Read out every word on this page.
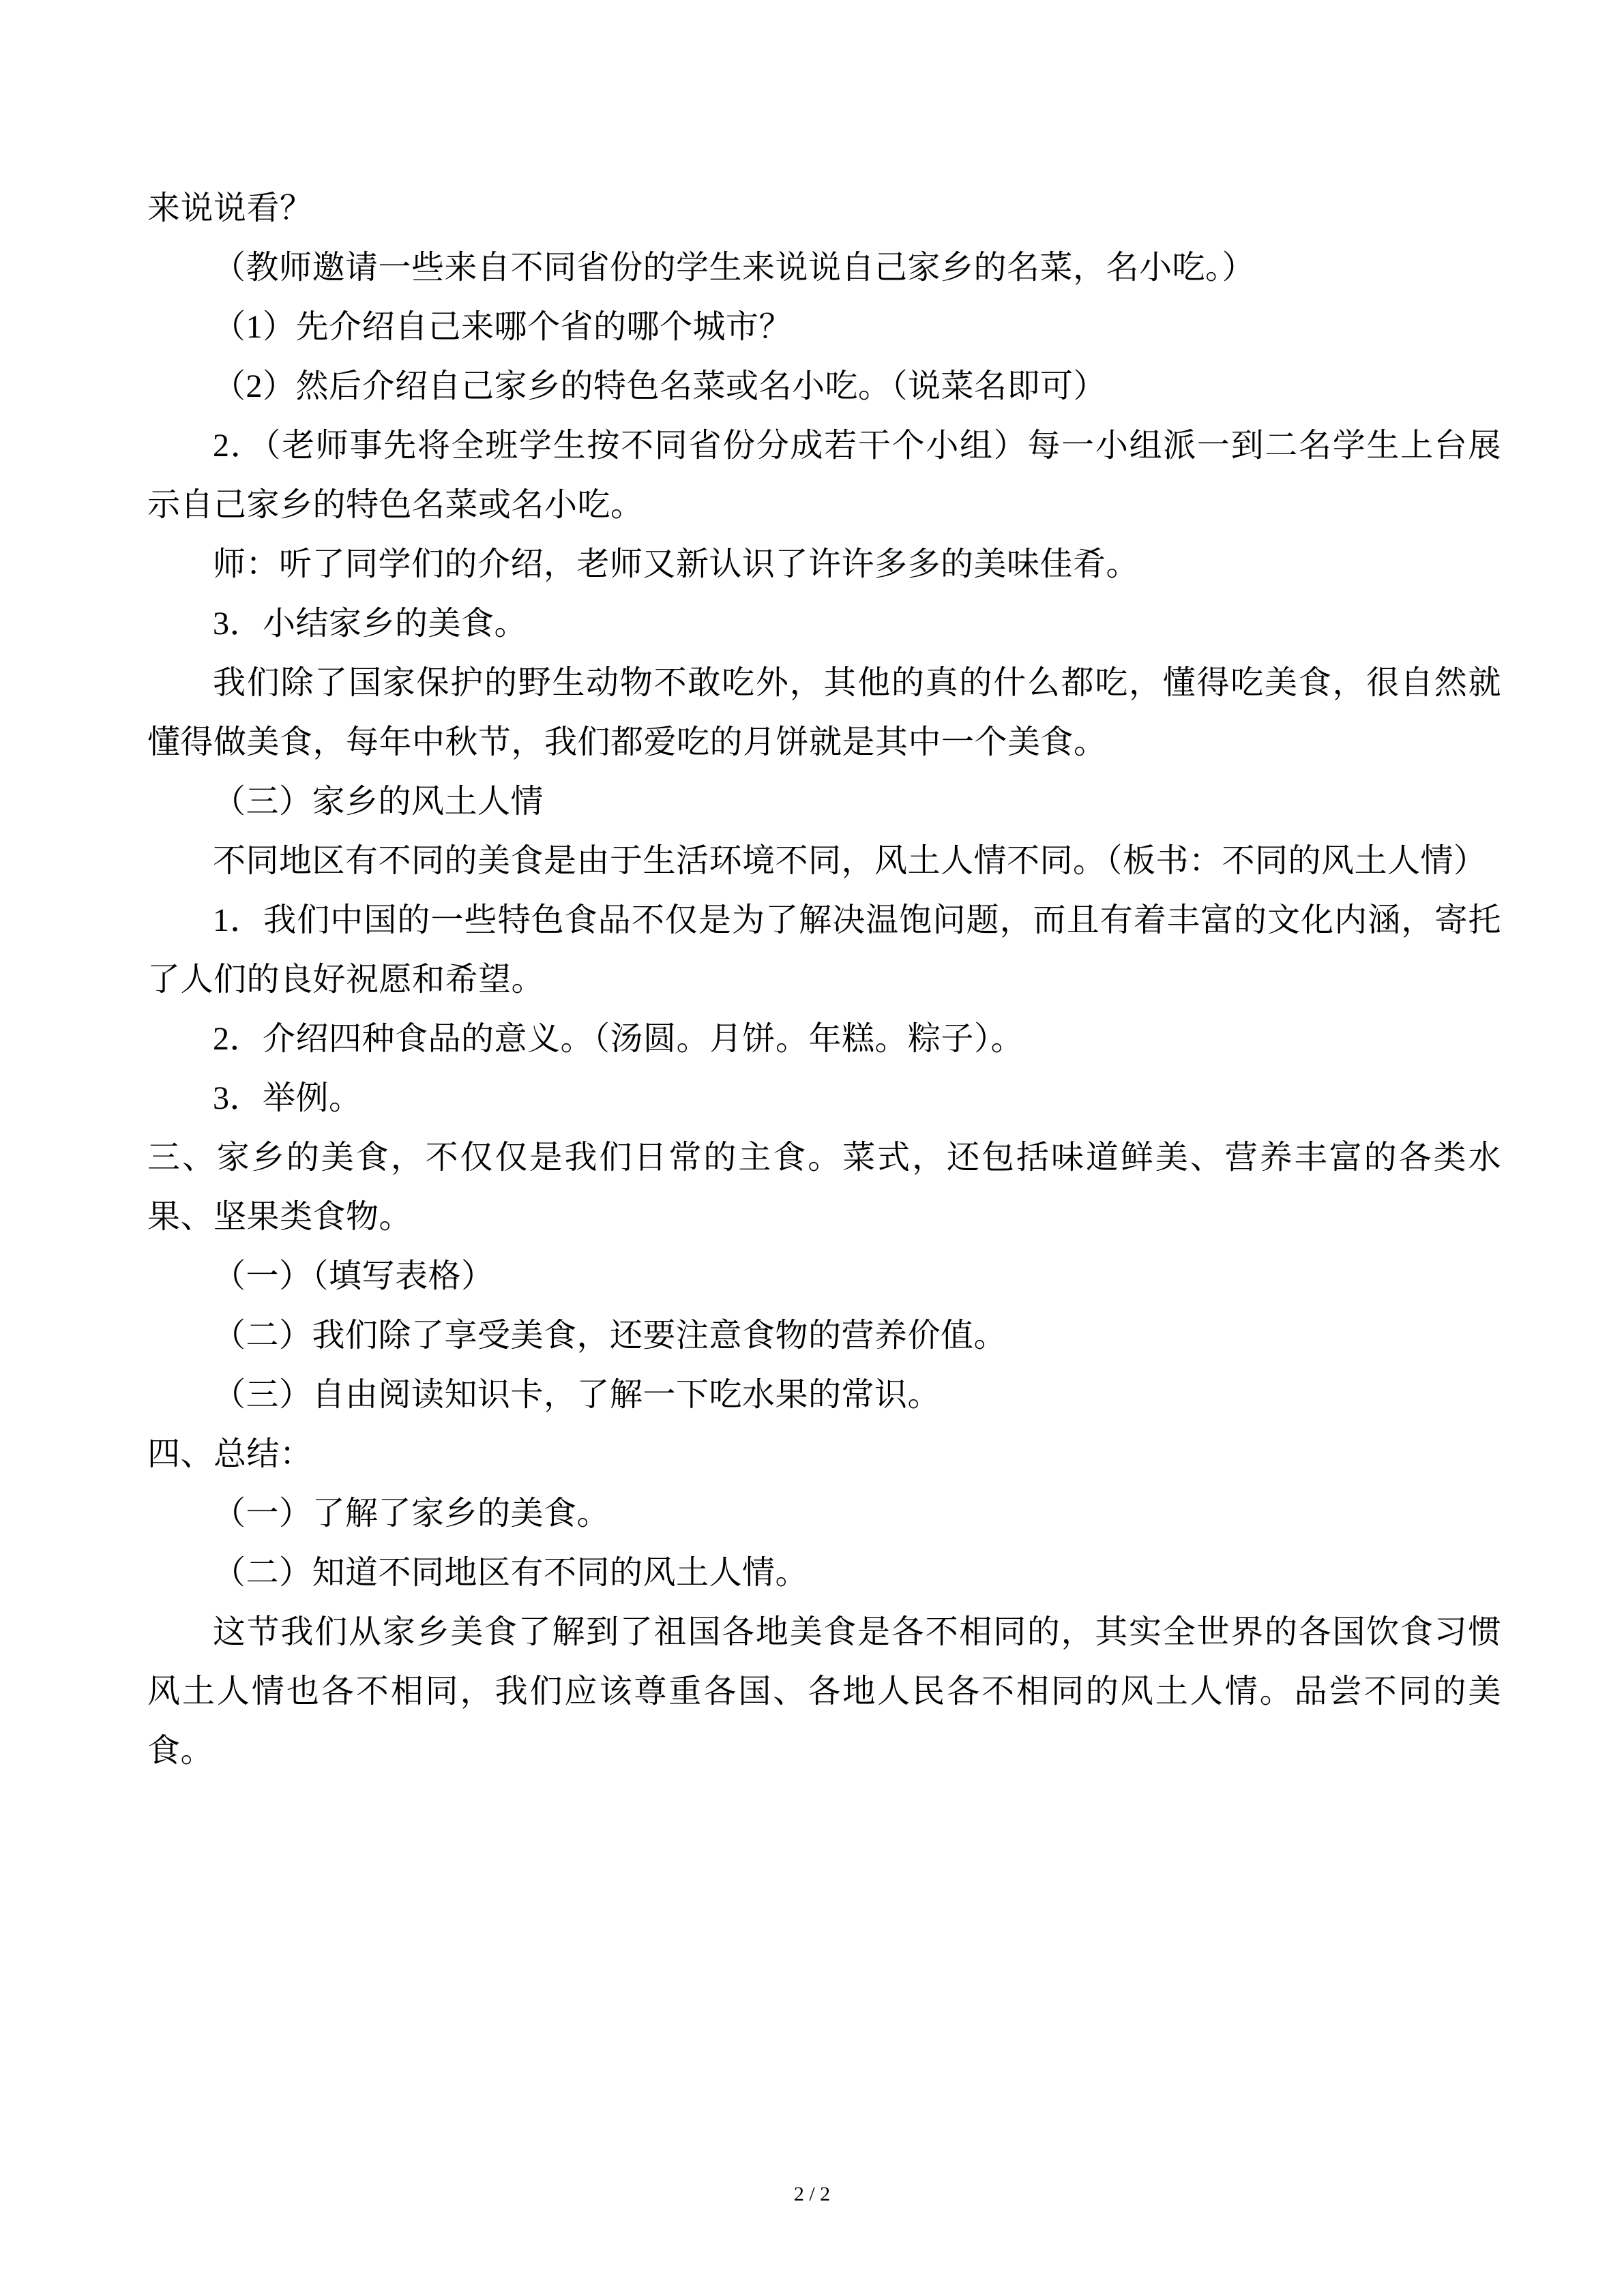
来说说看？

（教师邀请一些来自不同省份的学生来说说自己家乡的名菜，名小吃。）

（1）先介绍自己来哪个省的哪个城市？

（2）然后介绍自己家乡的特色名菜或名小吃。（说菜名即可）

2．（老师事先将全班学生按不同省份分成若干个小组）每一小组派一到二名学生上台展示自己家乡的特色名菜或名小吃。

师：听了同学们的介绍，老师又新认识了许许多多的美味佳肴。

3．小结家乡的美食。

我们除了国家保护的野生动物不敢吃外，其他的真的什么都吃，懂得吃美食，很自然就懂得做美食，每年中秋节，我们都爱吃的月饼就是其中一个美食。

（三）家乡的风土人情

不同地区有不同的美食是由于生活环境不同，风土人情不同。（板书：不同的风土人情）

1．我们中国的一些特色食品不仅是为了解决温饱问题，而且有着丰富的文化内涵，寄托了人们的良好祝愿和希望。

2．介绍四种食品的意义。（汤圆。月饼。年糕。粽子）。

3．举例。

三、家乡的美食，不仅仅是我们日常的主食。菜式，还包括味道鲜美、营养丰富的各类水果、坚果类食物。

（一）（填写表格）

（二）我们除了享受美食，还要注意食物的营养价值。

（三）自由阅读知识卡，了解一下吃水果的常识。

四、总结：

（一）了解了家乡的美食。

（二）知道不同地区有不同的风土人情。

这节我们从家乡美食了解到了祖国各地美食是各不相同的，其实全世界的各国饮食习惯风土人情也各不相同，我们应该尊重各国、各地人民各不相同的风土人情。品尝不同的美食。

2 / 2
